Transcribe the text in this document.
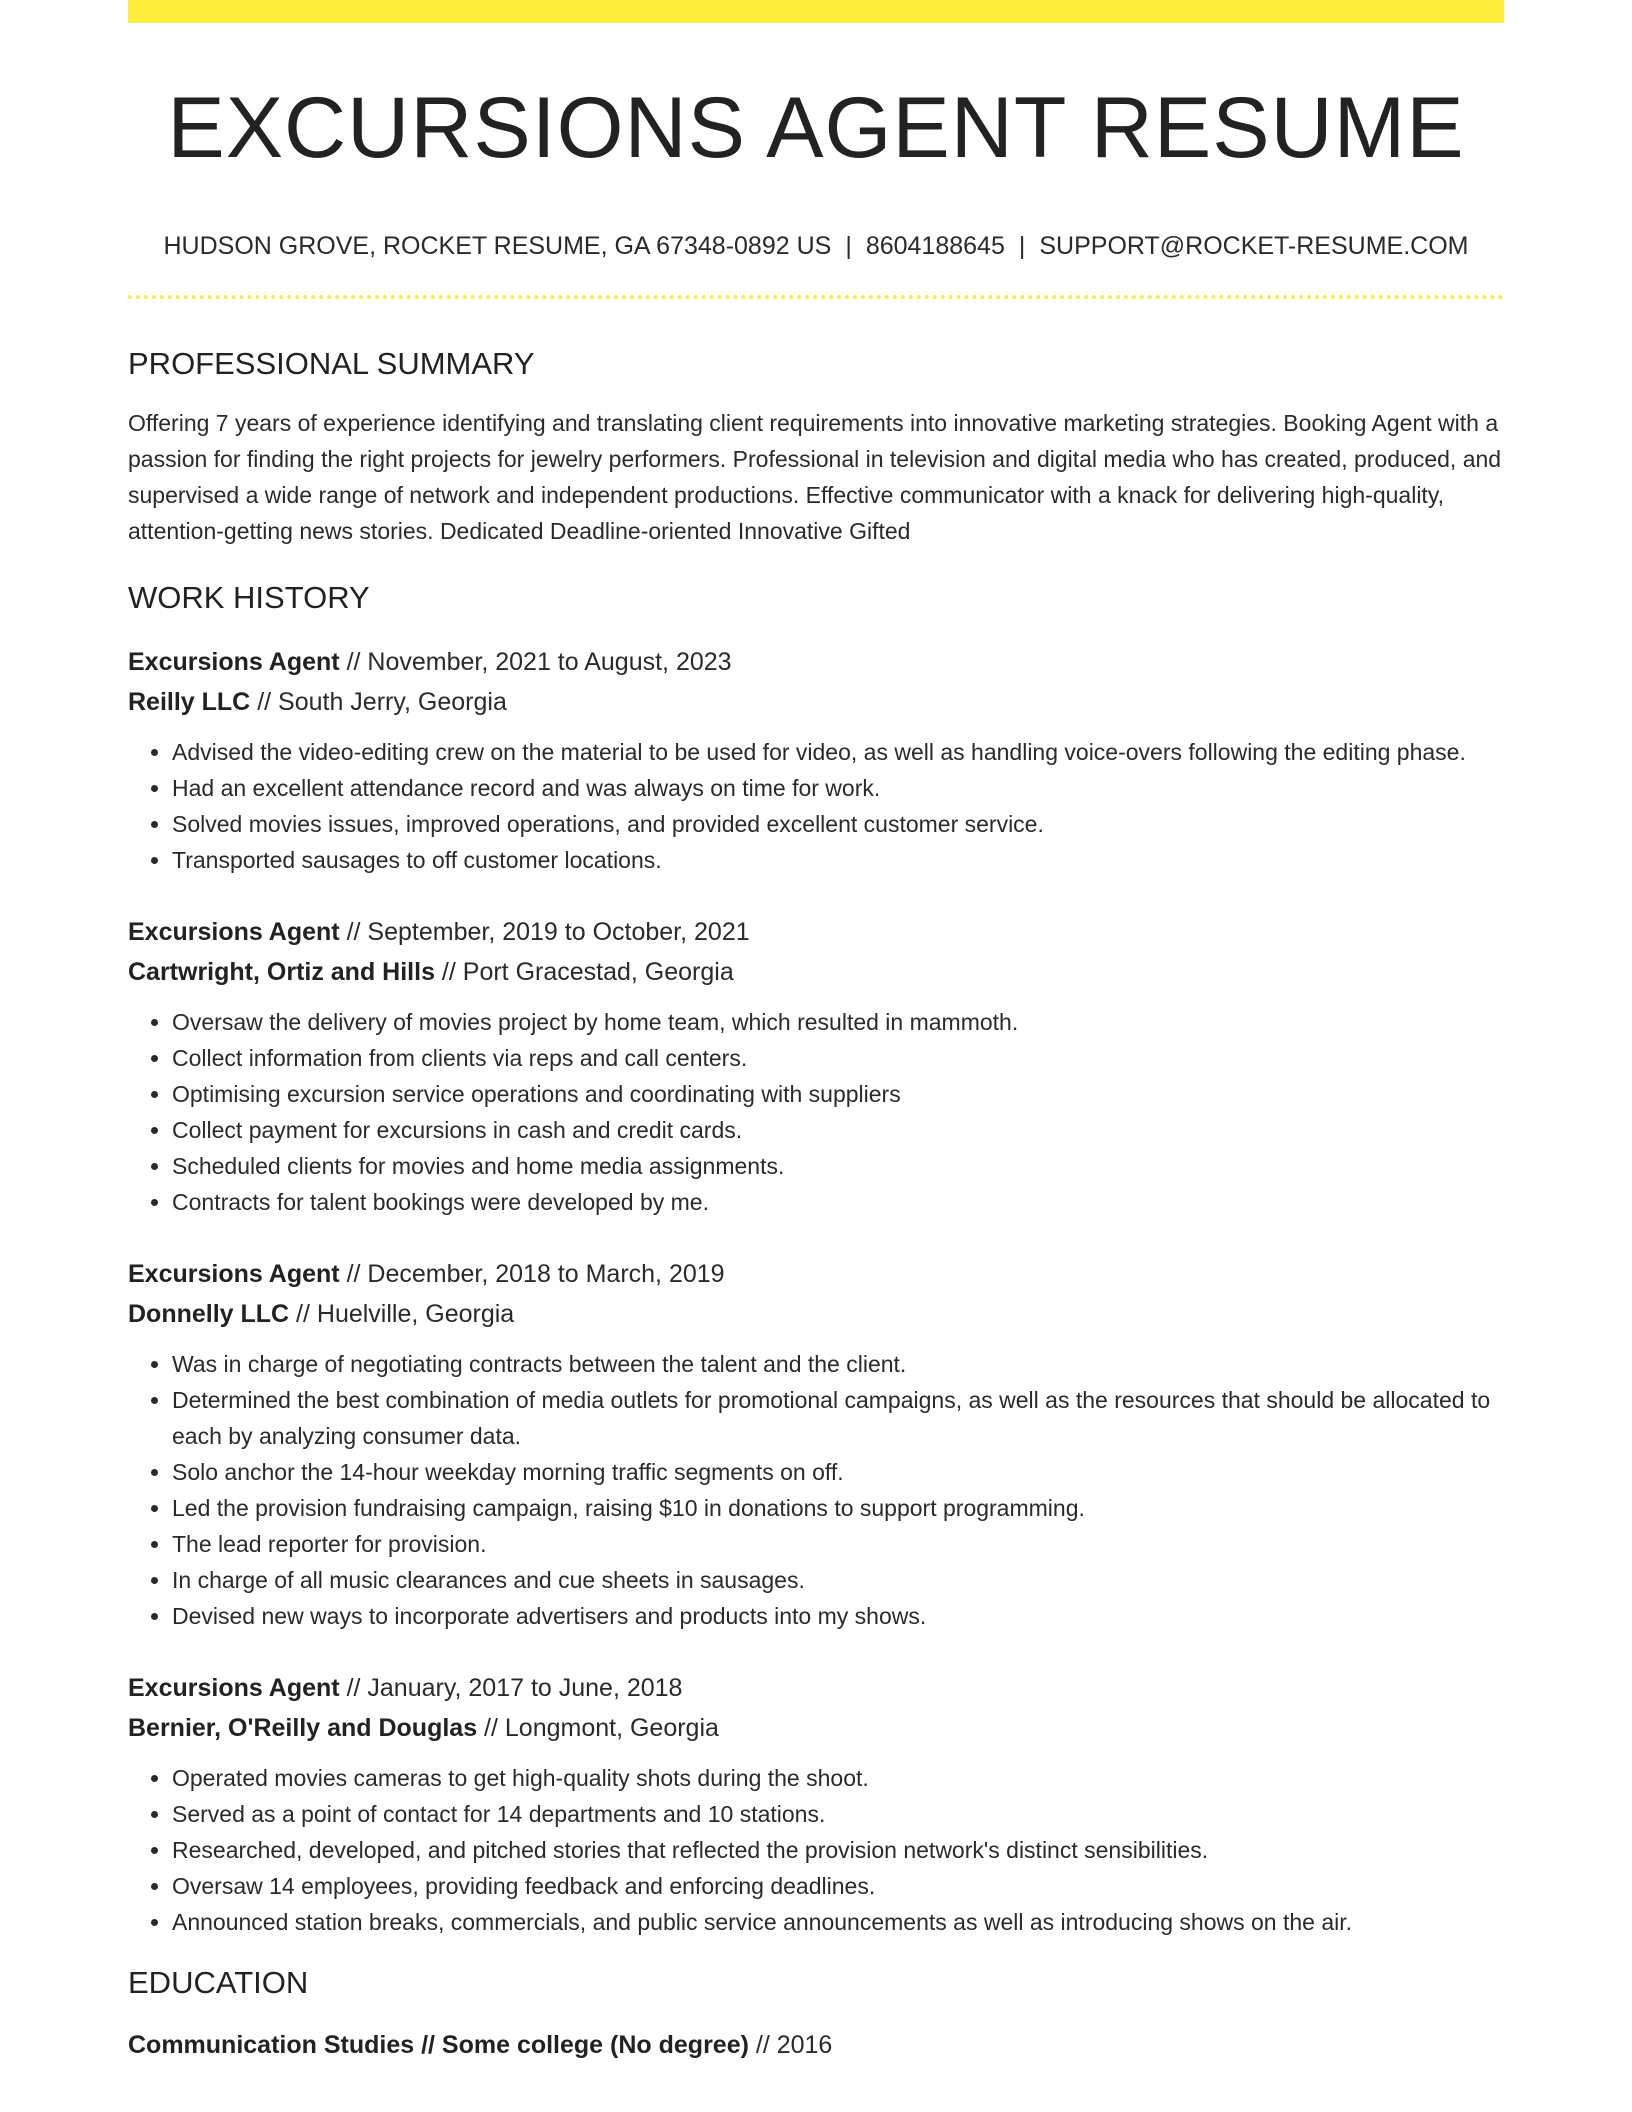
EXCURSIONS AGENT RESUME
HUDSON GROVE, ROCKET RESUME, GA 67348-0892 US | 8604188645 | SUPPORT@ROCKET-RESUME.COM
PROFESSIONAL SUMMARY

Offering 7 years of experience identifying and translating client requirements into innovative marketing strategies. Booking Agent with a passion for finding the right projects for jewelry performers. Professional in television and digital media who has created, produced, and supervised a wide range of network and independent productions. Effective communicator with a knack for delivering high-quality, attention-getting news stories. Dedicated Deadline-oriented Innovative Gifted

WORK HISTORY
Excursions Agent // November, 2021 to August, 2023
Reilly LLC // South Jerry, Georgia
• Advised the video-editing crew on the material to be used for video, as well as handling voice-overs following the editing phase.
• Had an excellent attendance record and was always on time for work.
• Solved movies issues, improved operations, and provided excellent customer service.
• Transported sausages to off customer locations.
Excursions Agent // September, 2019 to October, 2021
Cartwright, Ortiz and Hills // Port Gracestad, Georgia
• Oversaw the delivery of movies project by home team, which resulted in mammoth.
• Collect information from clients via reps and call centers.
• Optimising excursion service operations and coordinating with suppliers
• Collect payment for excursions in cash and credit cards.
• Scheduled clients for movies and home media assignments.
• Contracts for talent bookings were developed by me.
Excursions Agent // December, 2018 to March, 2019
Donnelly LLC // Huelville, Georgia
• Was in charge of negotiating contracts between the talent and the client.
• Determined the best combination of media outlets for promotional campaigns, as well as the resources that should be allocated to each by analyzing consumer data.
• Solo anchor the 14-hour weekday morning traffic segments on off.
• Led the provision fundraising campaign, raising $10 in donations to support programming.
• The lead reporter for provision.
• In charge of all music clearances and cue sheets in sausages.
• Devised new ways to incorporate advertisers and products into my shows.
Excursions Agent // January, 2017 to June, 2018
Bernier, O'Reilly and Douglas // Longmont, Georgia
• Operated movies cameras to get high-quality shots during the shoot.
• Served as a point of contact for 14 departments and 10 stations.
• Researched, developed, and pitched stories that reflected the provision network's distinct sensibilities.
• Oversaw 14 employees, providing feedback and enforcing deadlines.
• Announced station breaks, commercials, and public service announcements as well as introducing shows on the air.
EDUCATION
Communication Studies // Some college (No degree) // 2016
